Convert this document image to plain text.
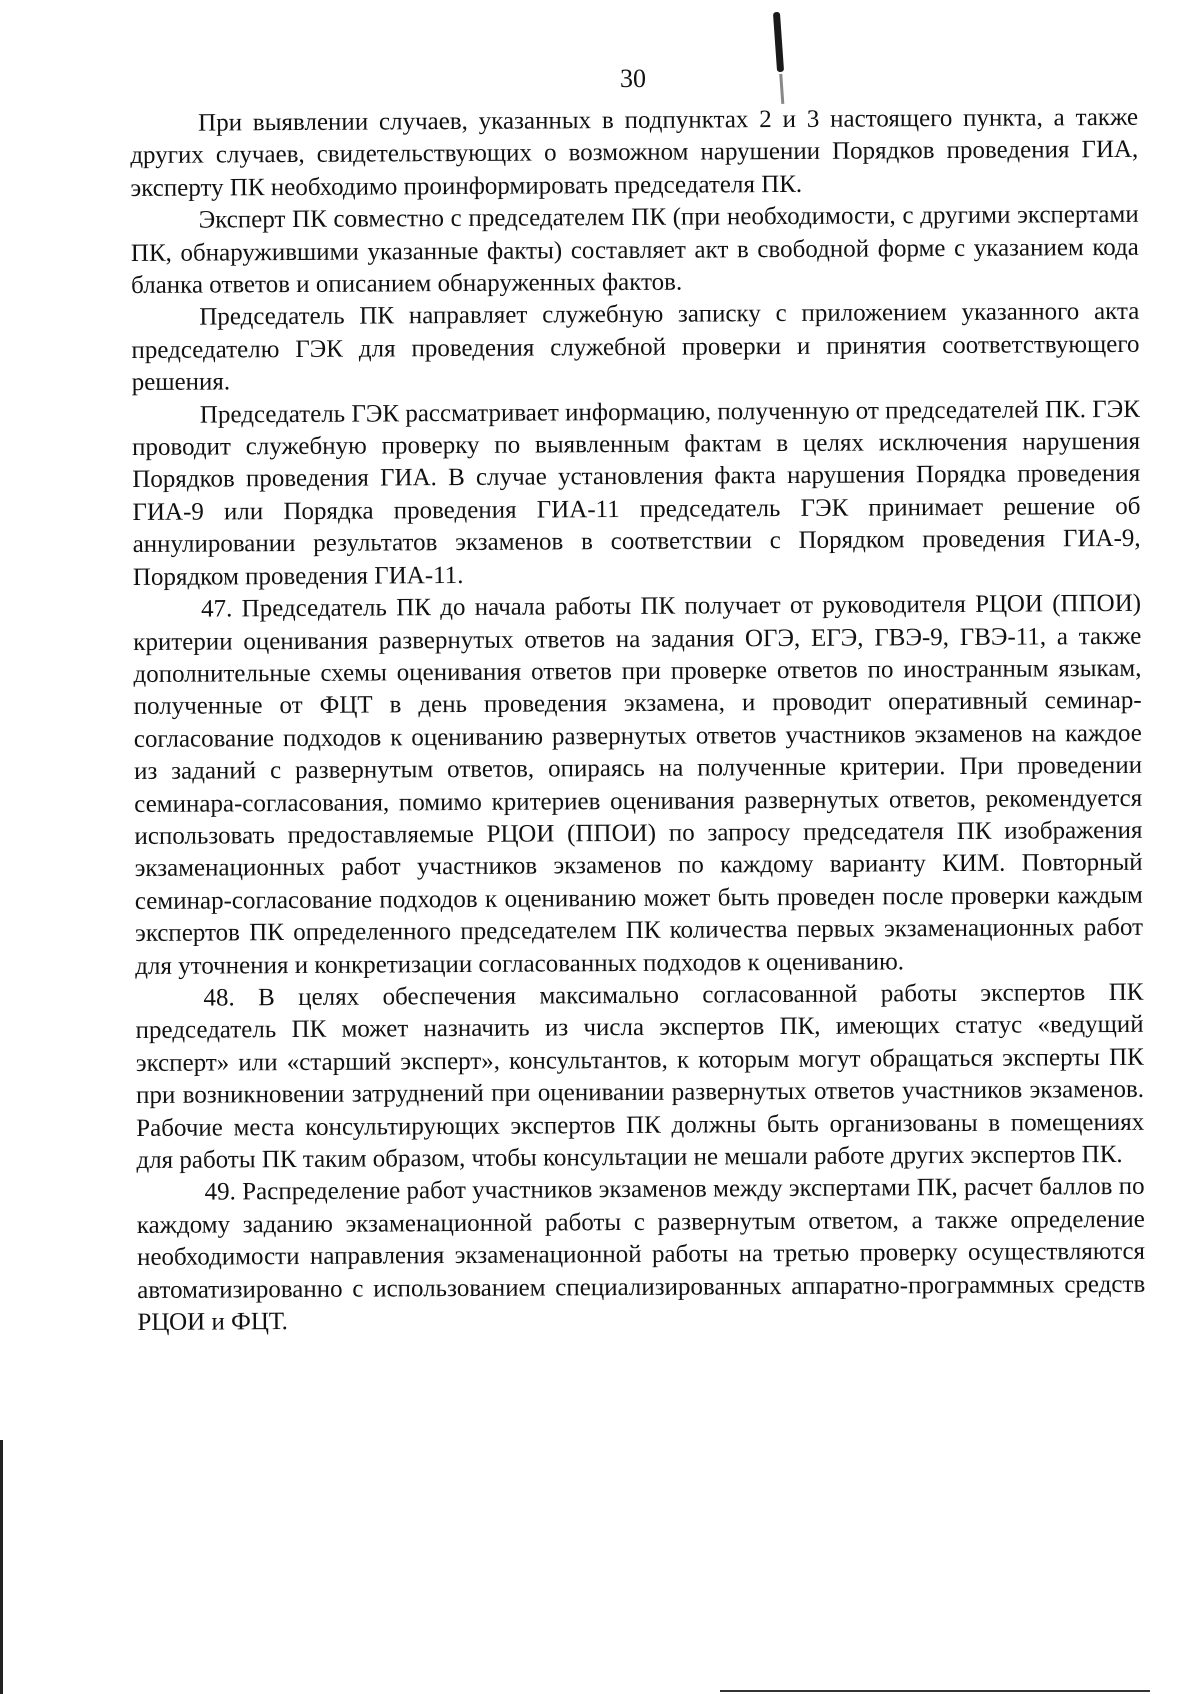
30

При выявлении случаев, указанных в подпунктах 2 и 3 настоящего пункта, а также других случаев, свидетельствующих о возможном нарушении Порядков проведения ГИА, эксперту ПК необходимо проинформировать председателя ПК.

Эксперт ПК совместно с председателем ПК (при необходимости, с другими экспертами ПК, обнаружившими указанные факты) составляет акт в свободной форме с указанием кода бланка ответов и описанием обнаруженных фактов.

Председатель ПК направляет служебную записку с приложением указанного акта председателю ГЭК для проведения служебной проверки и принятия соответствующего решения.

Председатель ГЭК рассматривает информацию, полученную от председателей ПК. ГЭК проводит служебную проверку по выявленным фактам в целях исключения нарушения Порядков проведения ГИА. В случае установления факта нарушения Порядка проведения ГИА-9 или Порядка проведения ГИА-11 председатель ГЭК принимает решение об аннулировании результатов экзаменов в соответствии с Порядком проведения ГИА-9, Порядком проведения ГИА-11.

47. Председатель ПК до начала работы ПК получает от руководителя РЦОИ (ППОИ) критерии оценивания развернутых ответов на задания ОГЭ, ЕГЭ, ГВЭ-9, ГВЭ-11, а также дополнительные схемы оценивания ответов при проверке ответов по иностранным языкам, полученные от ФЦТ в день проведения экзамена, и проводит оперативный семинар-согласование подходов к оцениванию развернутых ответов участников экзаменов на каждое из заданий с развернутым ответов, опираясь на полученные критерии. При проведении семинара-согласования, помимо критериев оценивания развернутых ответов, рекомендуется использовать предоставляемые РЦОИ (ППОИ) по запросу председателя ПК изображения экзаменационных работ участников экзаменов по каждому варианту КИМ. Повторный семинар-согласование подходов к оцениванию может быть проведен после проверки каждым экспертов ПК определенного председателем ПК количества первых экзаменационных работ для уточнения и конкретизации согласованных подходов к оцениванию.

48. В целях обеспечения максимально согласованной работы экспертов ПК председатель ПК может назначить из числа экспертов ПК, имеющих статус «ведущий эксперт» или «старший эксперт», консультантов, к которым могут обращаться эксперты ПК при возникновении затруднений при оценивании развернутых ответов участников экзаменов. Рабочие места консультирующих экспертов ПК должны быть организованы в помещениях для работы ПК таким образом, чтобы консультации не мешали работе других экспертов ПК.

49. Распределение работ участников экзаменов между экспертами ПК, расчет баллов по каждому заданию экзаменационной работы с развернутым ответом, а также определение необходимости направления экзаменационной работы на третью проверку осуществляются автоматизированно с использованием специализированных аппаратно-программных средств РЦОИ и ФЦТ.
